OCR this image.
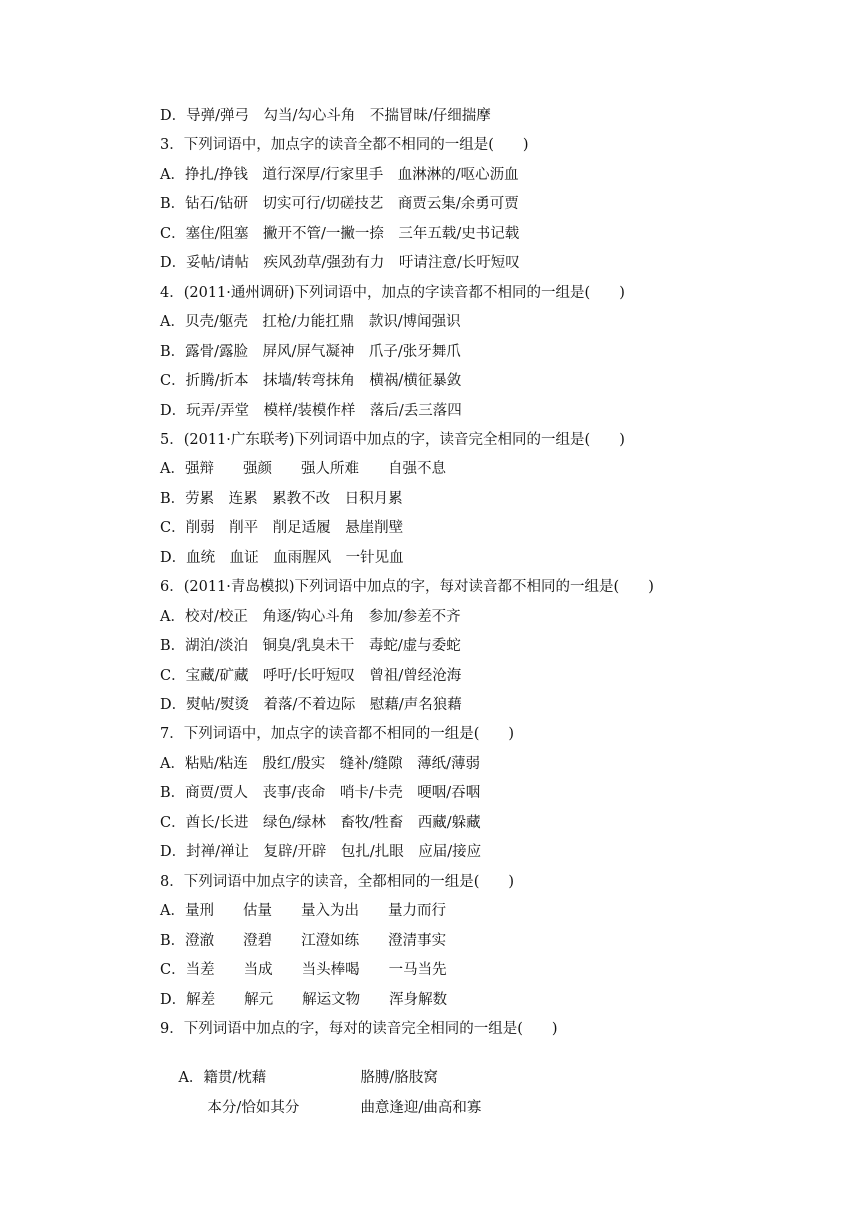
D．导弹/弹弓　勾当/勾心斗角　不揣冒昧/仔细揣摩

3．下列词语中，加点字的读音全都不相同的一组是(　　)

A．挣扎/挣钱　道行深厚/行家里手　血淋淋的/呕心沥血

B．钻石/钻研　切实可行/切磋技艺　商贾云集/余勇可贾

C．塞住/阻塞　撇开不管/一撇一捺　三年五载/史书记载

D．妥帖/请帖　疾风劲草/强劲有力　吁请注意/长吁短叹

4．(2011·通州调研)下列词语中，加点的字读音都不相同的一组是(　　)

A．贝壳/躯壳　扛枪/力能扛鼎　款识/博闻强识

B．露骨/露脸　屏风/屏气凝神　爪子/张牙舞爪

C．折腾/折本　抹墙/转弯抹角　横祸/横征暴敛

D．玩弄/弄堂　模样/装模作样　落后/丢三落四

5．(2011·广东联考)下列词语中加点的字，读音完全相同的一组是(　　)

A．强辩　　强颜　　强人所难　　自强不息

B．劳累　连累　累教不改　日积月累

C．削弱　削平　削足适履　悬崖削壁

D．血统　血证　血雨腥风　一针见血

6．(2011·青岛模拟)下列词语中加点的字，每对读音都不相同的一组是(　　)

A．校对/校正　角逐/钩心斗角　参加/参差不齐

B．湖泊/淡泊　铜臭/乳臭未干　毒蛇/虚与委蛇

C．宝藏/矿藏　呼吁/长吁短叹　曾祖/曾经沧海

D．熨帖/熨烫　着落/不着边际　慰藉/声名狼藉

7．下列词语中，加点字的读音都不相同的一组是(　　)

A．粘贴/粘连　殷红/殷实　缝补/缝隙　薄纸/薄弱

B．商贾/贾人　丧事/丧命　哨卡/卡壳　哽咽/吞咽

C．酋长/长进　绿色/绿林　畜牧/牲畜　西藏/躲藏

D．封禅/禅让　复辟/开辟　包扎/扎眼　应届/接应

8．下列词语中加点字的读音，全都相同的一组是(　　)

A．量刑　　估量　　量入为出　　量力而行

B．澄澈　　澄碧　　江澄如练　　澄清事实

C．当差　　当成　　当头棒喝　　一马当先

D．解差　　解元　　解运文物　　浑身解数

9．下列词语中加点的字，每对的读音完全相同的一组是(　　)

A．籍贯/枕藉	胳膊/胳肢窝

　　本分/恰如其分	曲意逢迎/曲高和寡
